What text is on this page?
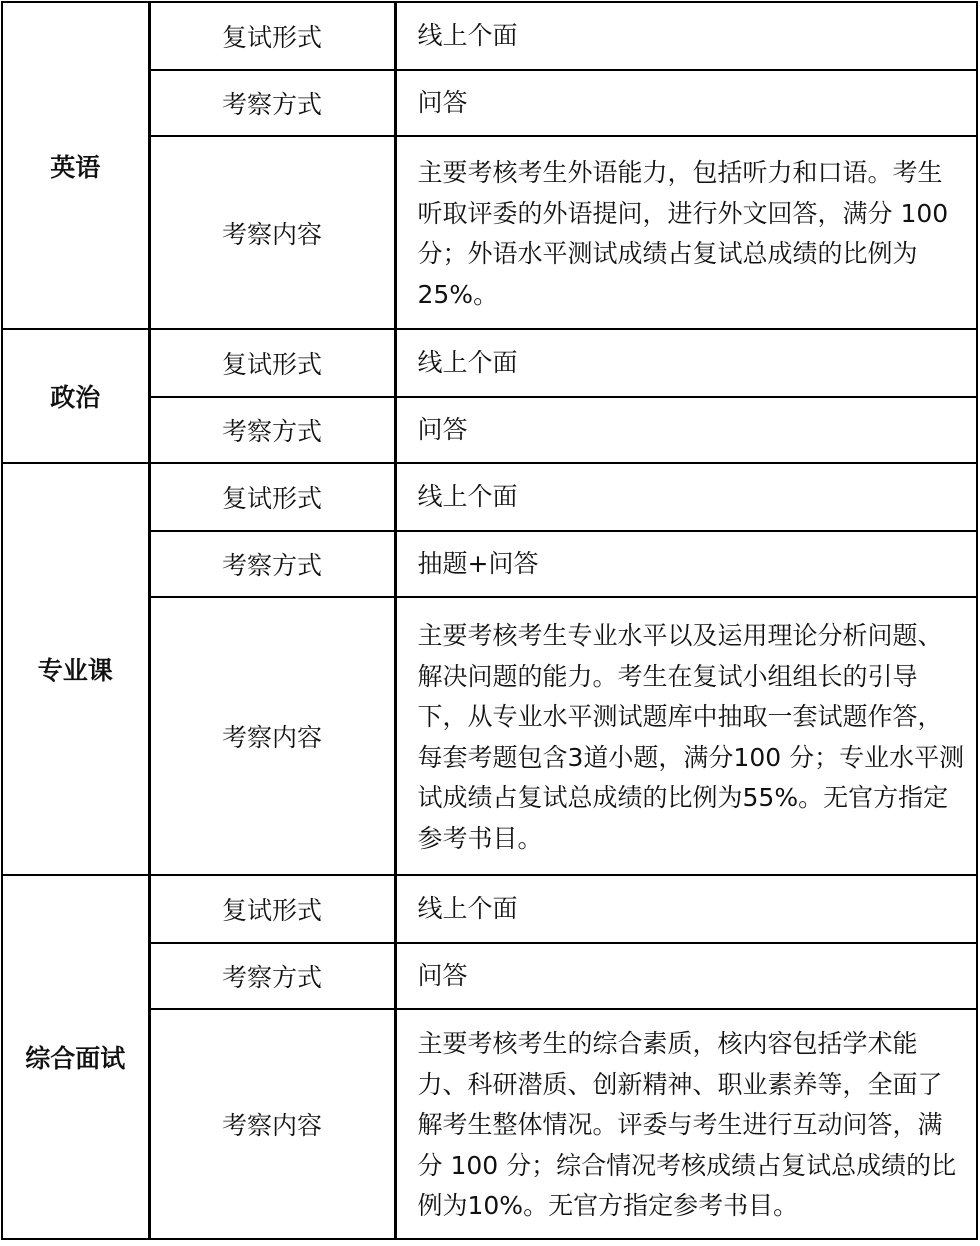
英语	复试形式	线上个面
	考察方式	问答
	考察内容	主要考核考生外语能力，包括听力和口语。考生听取评委的外语提问，进行外文回答，满分 100 分；外语水平测试成绩占复试总成绩的比例为 25%。
政治	复试形式	线上个面
	考察方式	问答
专业课	复试形式	线上个面
	考察方式	抽题+问答
	考察内容	主要考核考生专业水平以及运用理论分析问题、解决问题的能力。考生在复试小组组长的引导下，从专业水平测试题库中抽取一套试题作答，每套考题包含3道小题，满分100 分；专业水平测试成绩占复试总成绩的比例为55%。无官方指定参考书目。
综合面试	复试形式	线上个面
	考察方式	问答
	考察内容	主要考核考生的综合素质，核内容包括学术能力、科研潜质、创新精神、职业素养等，全面了解考生整体情况。评委与考生进行互动问答，满分 100 分；综合情况考核成绩占复试总成绩的比例为10%。无官方指定参考书目。
